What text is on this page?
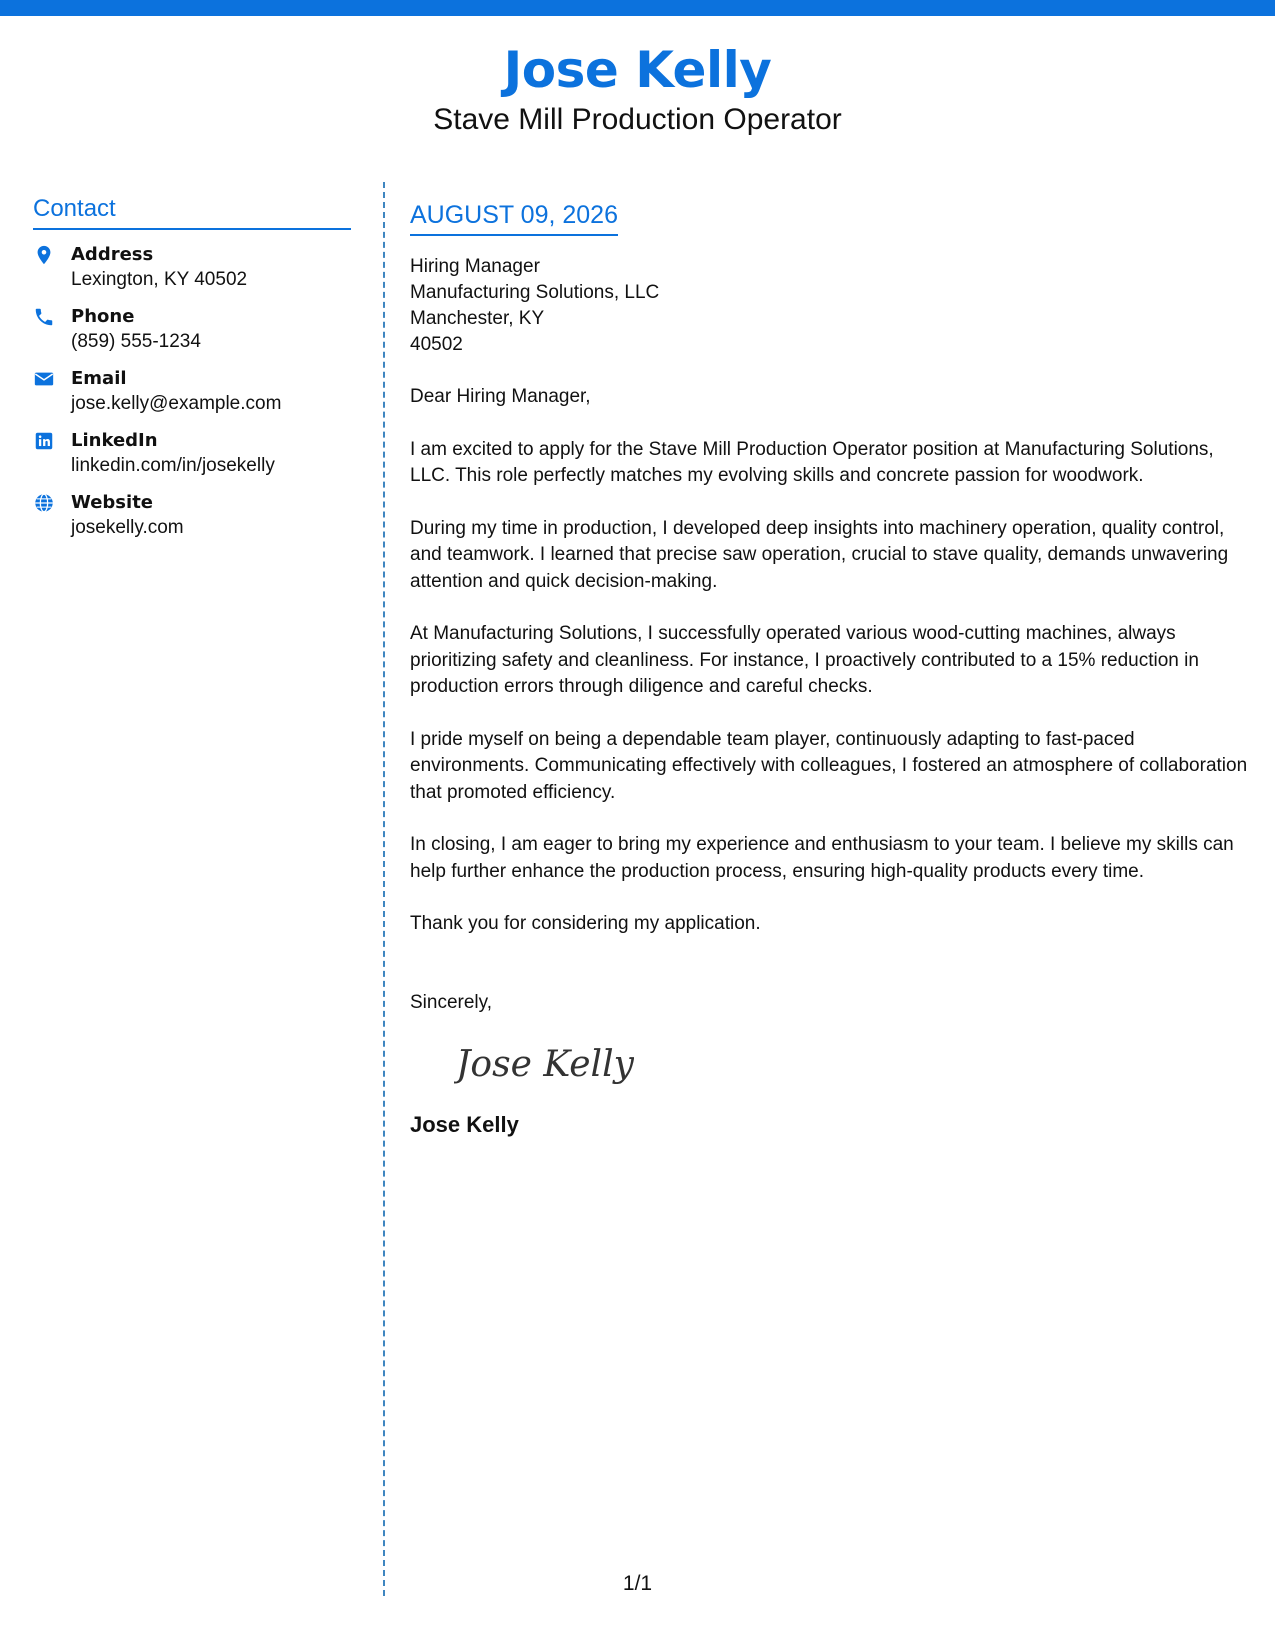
Jose Kelly
Stave Mill Production Operator
Contact
Address
Lexington, KY 40502
Phone
(859) 555-1234
Email
jose.kelly@example.com
LinkedIn
linkedin.com/in/josekelly
Website
josekelly.com
AUGUST 09, 2026
Hiring Manager
Manufacturing Solutions, LLC
Manchester, KY
40502
Dear Hiring Manager,
I am excited to apply for the Stave Mill Production Operator position at Manufacturing Solutions, LLC. This role perfectly matches my evolving skills and concrete passion for woodwork.
During my time in production, I developed deep insights into machinery operation, quality control, and teamwork. I learned that precise saw operation, crucial to stave quality, demands unwavering attention and quick decision-making.
At Manufacturing Solutions, I successfully operated various wood-cutting machines, always prioritizing safety and cleanliness. For instance, I proactively contributed to a 15% reduction in production errors through diligence and careful checks.
I pride myself on being a dependable team player, continuously adapting to fast-paced environments. Communicating effectively with colleagues, I fostered an atmosphere of collaboration that promoted efficiency.
In closing, I am eager to bring my experience and enthusiasm to your team. I believe my skills can help further enhance the production process, ensuring high-quality products every time.
Thank you for considering my application.
Sincerely,
Jose Kelly
Jose Kelly
1/1
